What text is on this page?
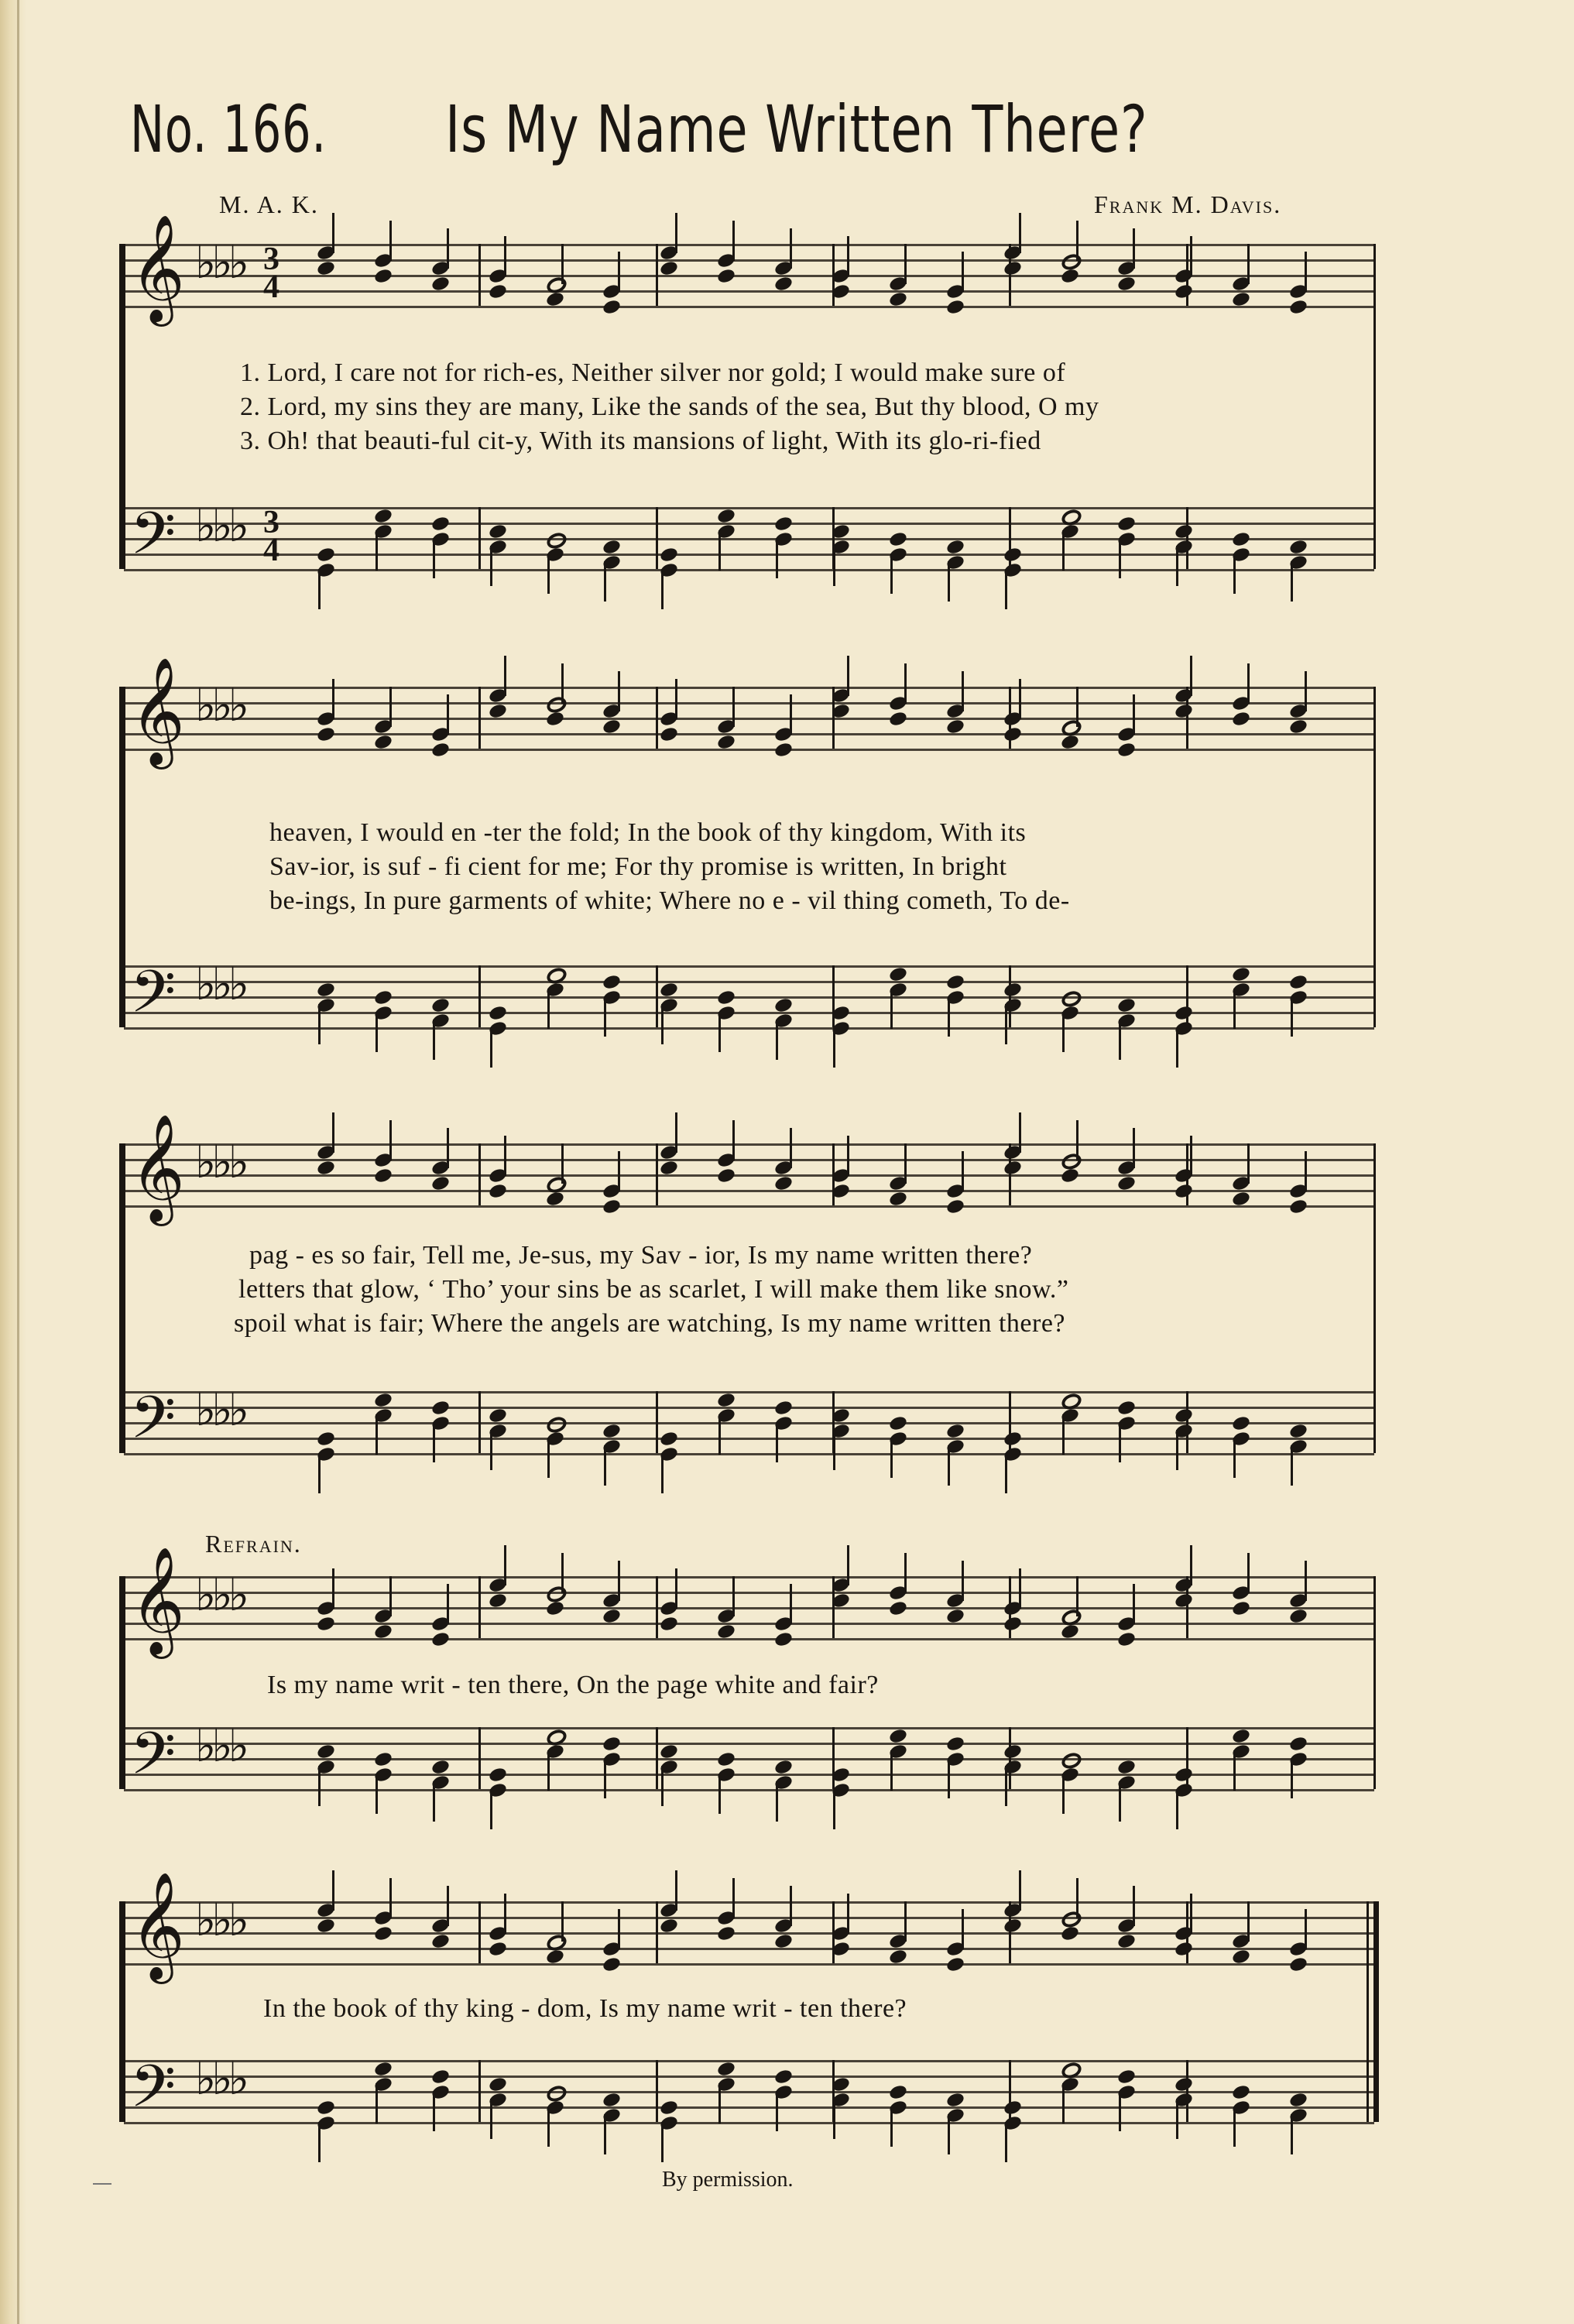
No. 166. Is My Name Written There?
M. A. K.	Frank M. Davis.
𝄞 ♭♭♭ 3
4
𝄢 ♭♭♭ 3
4
1. Lord, I care not for rich-es, Neither silver nor gold; I would make sure of
2. Lord, my sins they are many, Like the sands of the sea, But thy blood, O my
3. Oh! that beauti-ful cit-y, With its mansions of light, With its glo-ri-fied
𝄞 ♭♭♭
𝄢 ♭♭♭
heaven, I would en -ter the fold; In the book of thy kingdom, With its
Sav-ior, is suf - fi cient for me; For thy promise is written, In bright
be-ings, In pure garments of white; Where no e - vil thing cometh, To de-
𝄞 ♭♭♭
𝄢 ♭♭♭
pag - es so fair, Tell me, Je-sus, my Sav - ior, Is my name written there?
letters that glow, ‘ Tho’ your sins be as scarlet, I will make them like snow.”
spoil what is fair; Where the angels are watching, Is my name written there?
Refrain.
𝄞 ♭♭♭
𝄢 ♭♭♭
Is my name writ - ten there, On the page white and fair?
𝄞 ♭♭♭
𝄢 ♭♭♭
In the book of thy king - dom, Is my name writ - ten there?
By permission.
